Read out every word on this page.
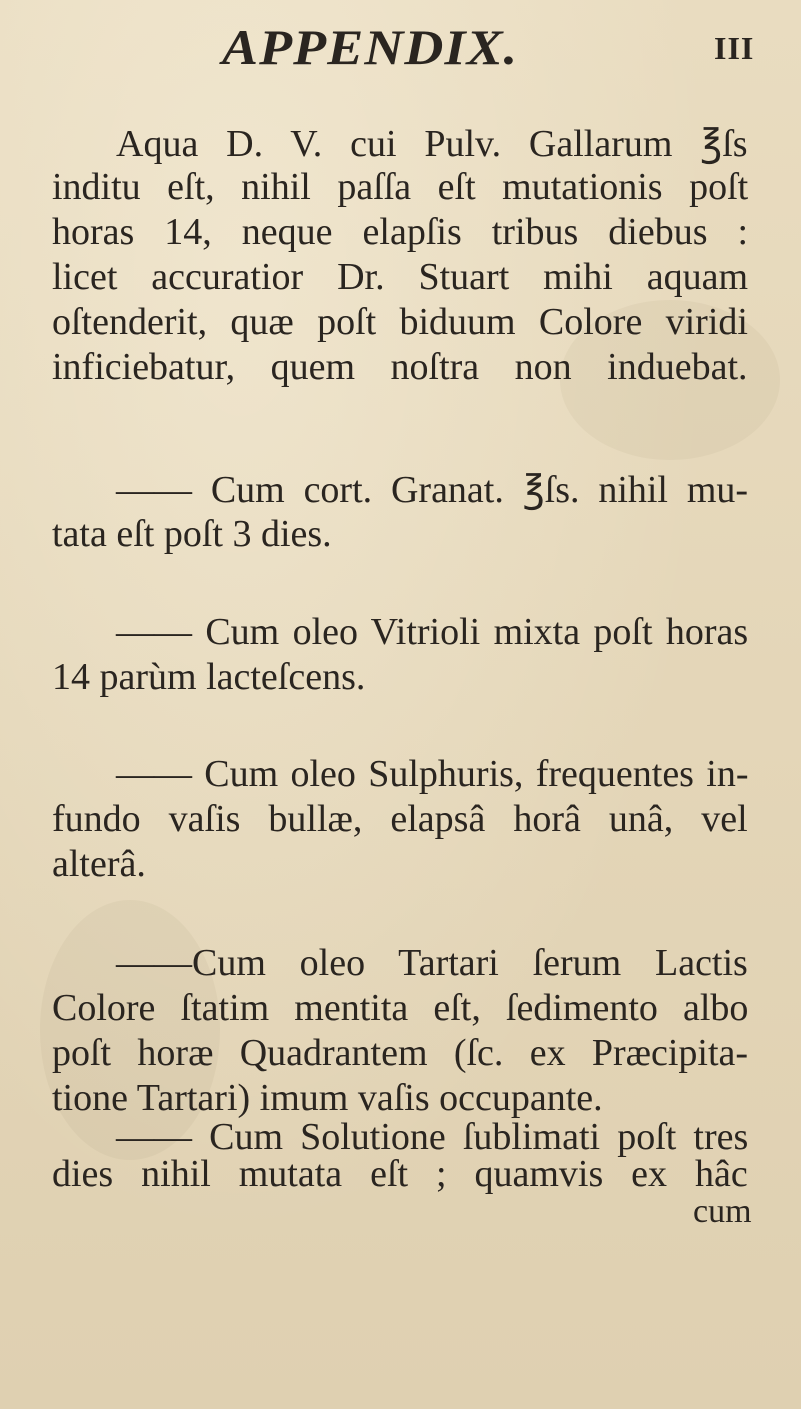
APPENDIX.	III
Aqua D. V. cui Pulv. Gallarum ℥ſs
inditu eſt, nihil paſſa eſt mutationis poſt
horas 14, neque elapſis tribus diebus :
licet accuratior Dr. Stuart mihi aquam
oſtenderit, quæ poſt biduum Colore viridi
inficiebatur, quem noſtra non induebat.
—— Cum cort. Granat. ℥ſs. nihil mu-
tata eſt poſt 3 dies.
—— Cum oleo Vitrioli mixta poſt horas
14 parùm lacteſcens.
—— Cum oleo Sulphuris, frequentes in-
fundo vaſis bullæ, elapsâ horâ unâ, vel
alterâ.
——Cum oleo Tartari ſerum Lactis
Colore ſtatim mentita eſt, ſedimento albo
poſt horæ Quadrantem (ſc. ex Præcipita-
tione Tartari) imum vaſis occupante.
—— Cum Solutione ſublimati poſt tres
dies nihil mutata eſt ; quamvis ex hâc
cum
